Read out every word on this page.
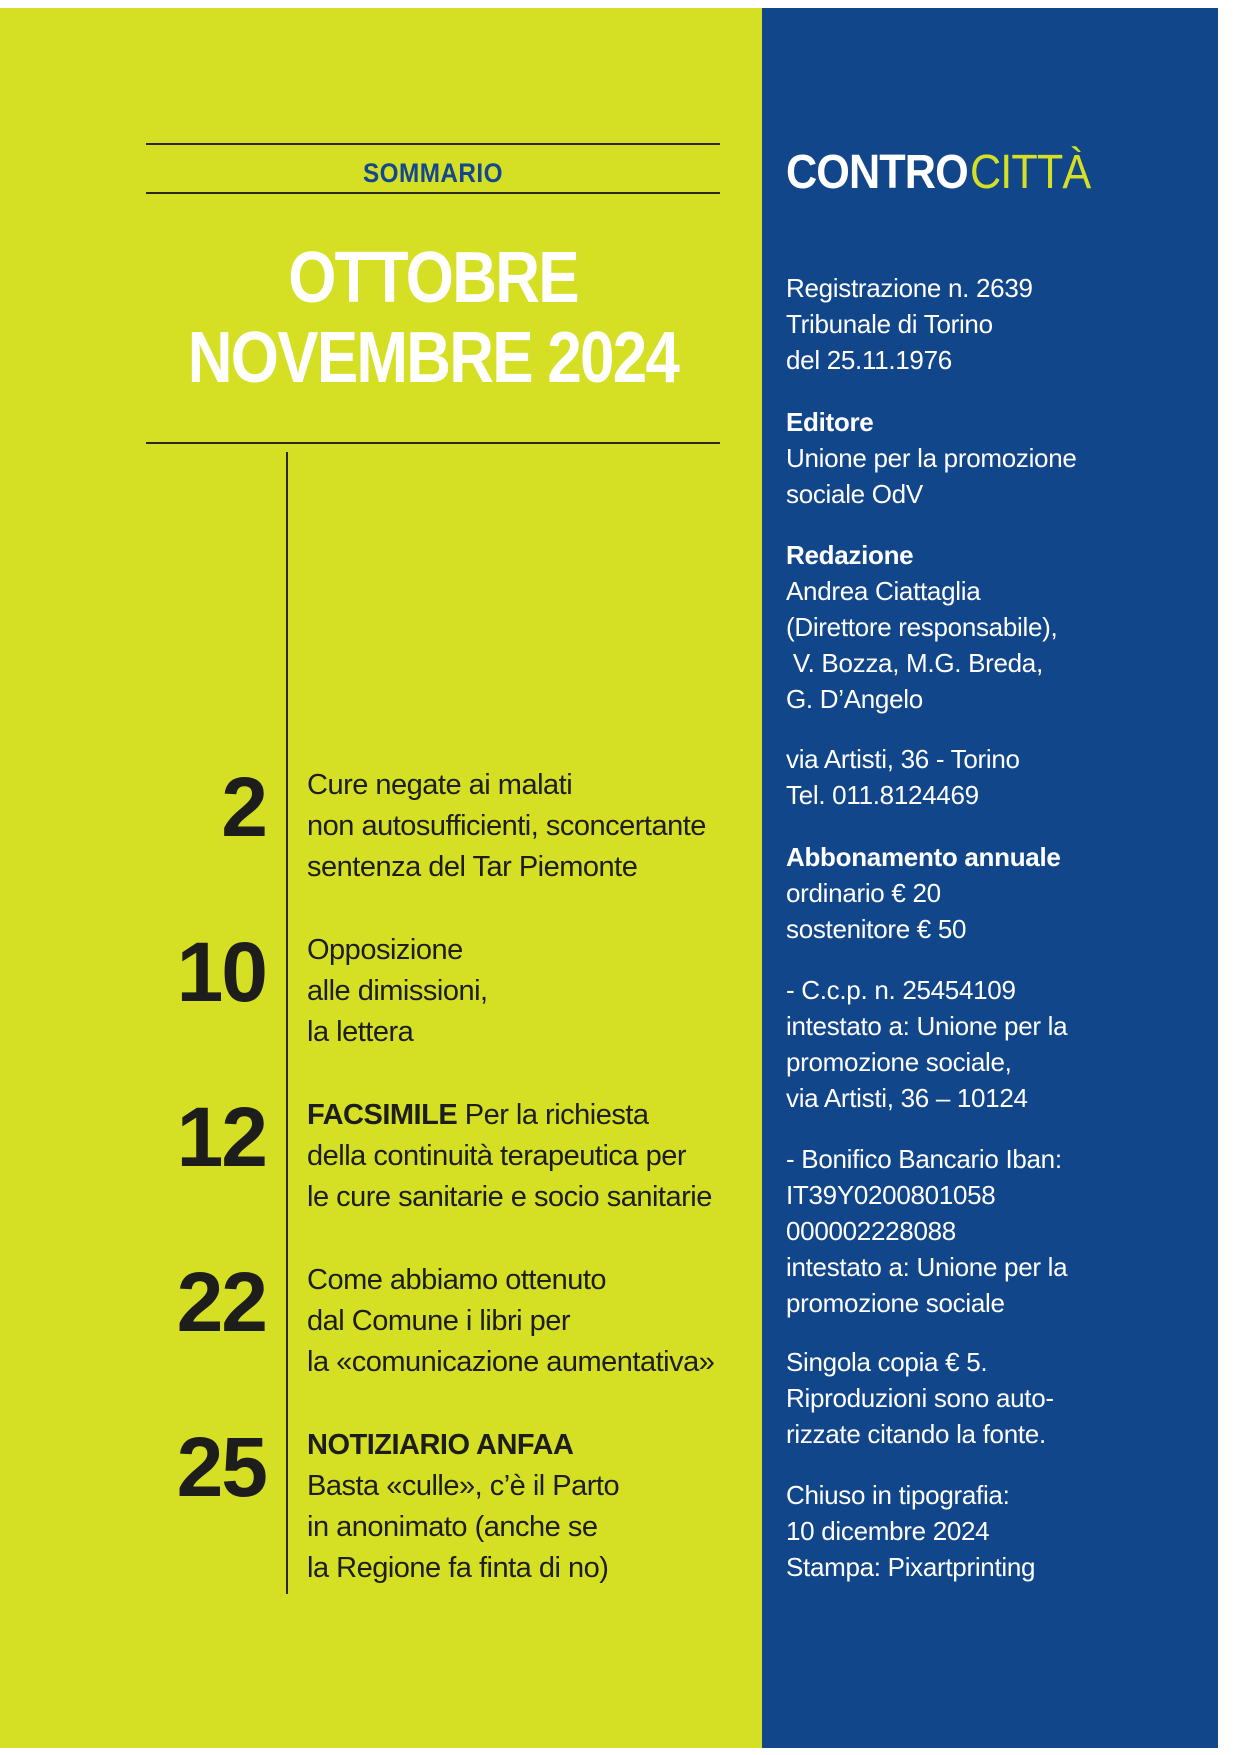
SOMMARIO
OTTOBRE
NOVEMBRE 2024
2 Cure negate ai malati
non autosufficienti, sconcertante
sentenza del Tar Piemonte
10 Opposizione
alle dimissioni,
la lettera
12 FACSIMILE Per la richiesta
della continuità terapeutica per
le cure sanitarie e socio sanitarie
22 Come abbiamo ottenuto
dal Comune i libri per
la «comunicazione aumentativa»
25 NOTIZIARIO ANFAA
Basta «culle», c’è il Parto
in anonimato (anche se
la Regione fa finta di no)
CONTROCITTÀ
Registrazione n. 2639
Tribunale di Torino
del 25.11.1976
Editore
Unione per la promozione
sociale OdV
Redazione
Andrea Ciattaglia
(Direttore responsabile),
V. Bozza, M.G. Breda,
G. D’Angelo
via Artisti, 36 - Torino
Tel. 011.8124469
Abbonamento annuale
ordinario € 20
sostenitore € 50
- C.c.p. n. 25454109
intestato a: Unione per la
promozione sociale,
via Artisti, 36 – 10124
- Bonifico Bancario Iban:
IT39Y0200801058
000002228088
intestato a: Unione per la
promozione sociale
Singola copia € 5.
Riproduzioni sono auto-
rizzate citando la fonte.
Chiuso in tipografia:
10 dicembre 2024
Stampa: Pixartprinting
